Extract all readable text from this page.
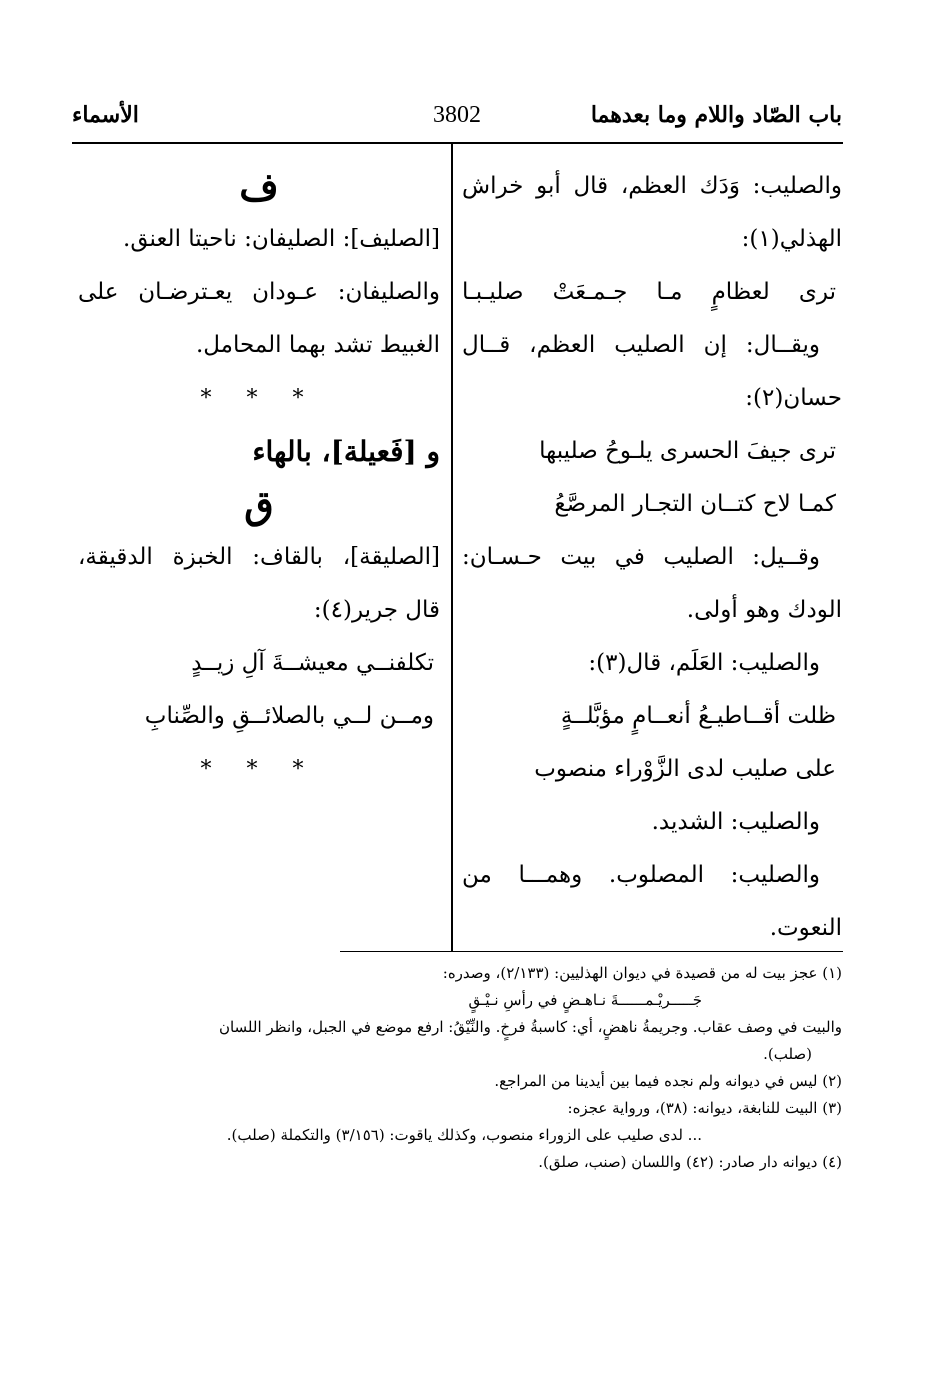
باب الصّاد واللام وما بعدهما
3802
الأسماء
والصليب: وَدَك العظم، قال أبو خراش
الهذلي(١):
ترى لعظامٍ مـا جـمـعَتْ صليـبـا
ويقــال: إن الصليب العظم، قــال
حسان(٢):
ترى جيفَ الحسرى يلـوحُ صليبها
كمـا لاح كتــان التجـار المرصَّعُ
وقــيل: الصليب في بيت حـسـان:
الودك وهو أولى.
والصليب: العَلَم، قال(٣):
ظلت أقــاطيـعُ أنعــامٍ مؤبَّلــةٍ
على صليب لدى الزَّوْراء منصوب
والصليب: الشديد.
والصليب: المصلوب. وهمـــا من
النعوت.
ف
[الصليف]: الصليفان: ناحيتا العنق.
والصليفان: عـودان يعـترضـان على
الغبيط تشد بهما المحامل.
* * *
و [فَعيلة]، بالهاء
ق
[الصليقة]، بالقاف: الخبزة الدقيقة،
قال جرير(٤):
تكلفنــي معيشــةَ آلِ زيــدٍ
ومــن لــي بالصلائــقِ والصِّنابِ
* * *
(١) عجز بيت له من قصيدة في ديوان الهذليين: (٢/١٣٣)، وصدره:
جَـــــريْـمــــــةَ نـاهـضٍ في رأسِ نـيْـقٍ
والبيت في وصف عقاب. وجريمةُ ناهضٍ، أي: كاسبةُ فرخٍ. والنِّيْقُ: ارفع موضع في الجبل، وانظر اللسان
(صلب).
(٢) ليس في ديوانه ولم نجده فيما بين أيدينا من المراجع.
(٣) البيت للنابغة، ديوانه: (٣٨)، ورواية عجزه:
... لدى صليب على الزوراء منصوب، وكذلك ياقوت: (٣/١٥٦) والتكملة (صلب).
(٤) ديوانه دار صادر: (٤٢) واللسان (صنب، صلق).
